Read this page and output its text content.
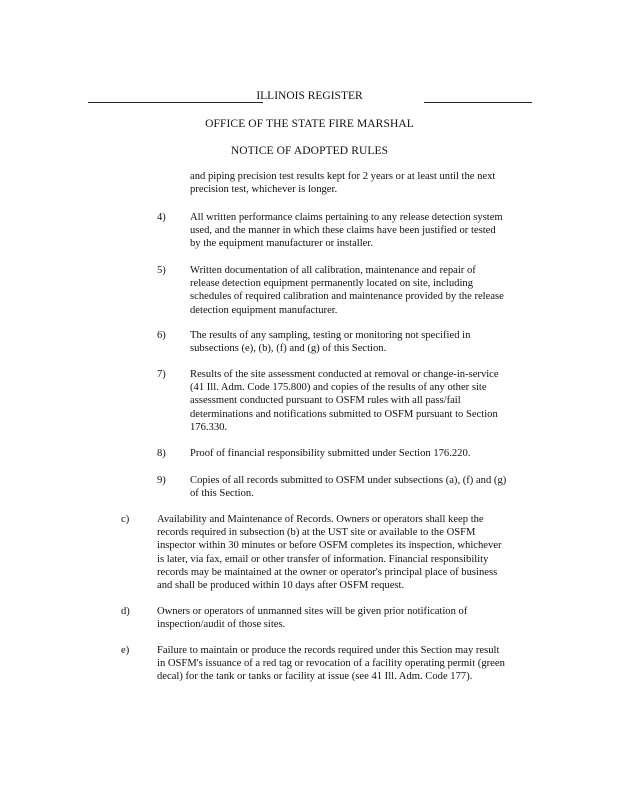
ILLINOIS REGISTER
OFFICE OF THE STATE FIRE MARSHAL
NOTICE OF ADOPTED RULES
and piping precision test results kept for 2 years or at least until the next
precision test, whichever is longer.
4) All written performance claims pertaining to any release detection system
used, and the manner in which these claims have been justified or tested
by the equipment manufacturer or installer.
5) Written documentation of all calibration, maintenance and repair of
release detection equipment permanently located on site, including
schedules of required calibration and maintenance provided by the release
detection equipment manufacturer.
6) The results of any sampling, testing or monitoring not specified in
subsections (e), (b), (f) and (g) of this Section.
7) Results of the site assessment conducted at removal or change-in-service
(41 Ill. Adm. Code 175.800) and copies of the results of any other site
assessment conducted pursuant to OSFM rules with all pass/fail
determinations and notifications submitted to OSFM pursuant to Section
176.330.
8) Proof of financial responsibility submitted under Section 176.220.
9) Copies of all records submitted to OSFM under subsections (a), (f) and (g)
of this Section.
c)	Availability and Maintenance of Records. Owners or operators shall keep the
records required in subsection (b) at the UST site or available to the OSFM
inspector within 30 minutes or before OSFM completes its inspection, whichever
is later, via fax, email or other transfer of information. Financial responsibility
records may be maintained at the owner or operator's principal place of business
and shall be produced within 10 days after OSFM request.
d)	Owners or operators of unmanned sites will be given prior notification of
inspection/audit of those sites.
e)	Failure to maintain or produce the records required under this Section may result
in OSFM's issuance of a red tag or revocation of a facility operating permit (green
decal) for the tank or tanks or facility at issue (see 41 Ill. Adm. Code 177).
